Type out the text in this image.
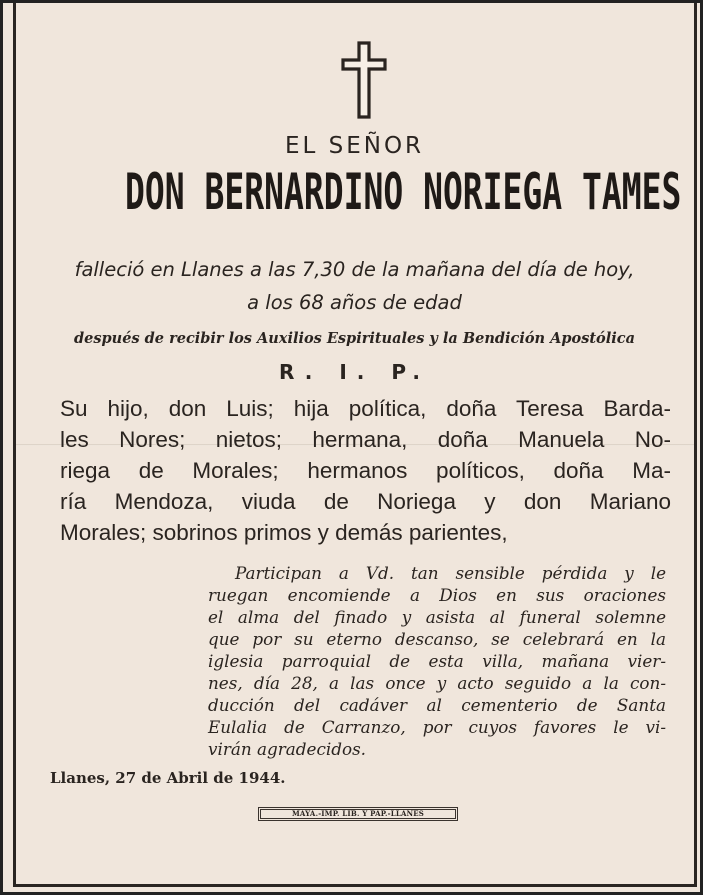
EL SEÑOR

DON BERNARDINO NORIEGA TAMES

falleció en Llanes a las 7,30 de la mañana del día de hoy,

a los 68 años de edad

después de recibir los Auxilios Espirituales y la Bendición Apostólica

R. I. P.

Su hijo, don Luis; hija política, doña Teresa Barda-

les Nores; nietos; hermana, doña Manuela No-

riega de Morales; hermanos políticos, doña Ma-

ría Mendoza, viuda de Noriega y don Mariano

Morales; sobrinos primos y demás parientes,

Participan a Vd. tan sensible pérdida y le

ruegan encomiende a Dios en sus oraciones

el alma del finado y asista al funeral solemne

que por su eterno descanso, se celebrará en la

iglesia parroquial de esta villa, mañana vier-

nes, día 28, a las once y acto seguido a la con-

ducción del cadáver al cementerio de Santa

Eulalia de Carranzo, por cuyos favores le vi-

virán agradecidos.

Llanes, 27 de Abril de 1944.

MAYA.-IMP. LIB. Y PAP.-LLANES
